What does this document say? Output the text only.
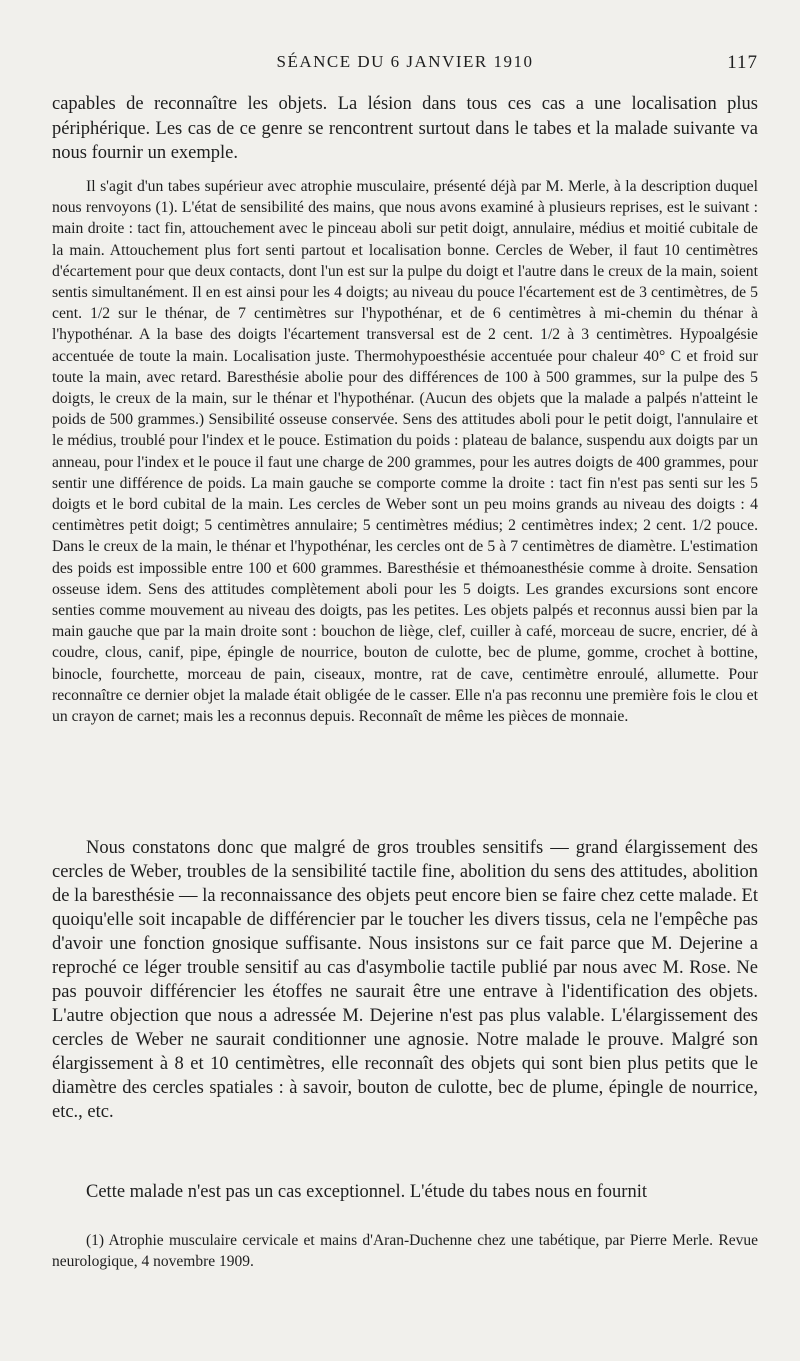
SÉANCE DU 6 JANVIER 1910	117

capables de reconnaître les objets. La lésion dans tous ces cas a une localisation plus périphérique. Les cas de ce genre se rencontrent surtout dans le tabes et la malade suivante va nous fournir un exemple.

Il s'agit d'un tabes supérieur avec atrophie musculaire, présenté déjà par M. Merle, à la description duquel nous renvoyons (1). L'état de sensibilité des mains, que nous avons examiné à plusieurs reprises, est le suivant : main droite : tact fin, attouchement avec le pinceau aboli sur petit doigt, annulaire, médius et moitié cubitale de la main. Attouchement plus fort senti partout et localisation bonne. Cercles de Weber, il faut 10 centimètres d'écartement pour que deux contacts, dont l'un est sur la pulpe du doigt et l'autre dans le creux de la main, soient sentis simultanément. Il en est ainsi pour les 4 doigts; au niveau du pouce l'écartement est de 3 centimètres, de 5 cent. 1/2 sur le thénar, de 7 centimètres sur l'hypothénar, et de 6 centimètres à mi-chemin du thénar à l'hypothénar. A la base des doigts l'écartement transversal est de 2 cent. 1/2 à 3 centimètres. Hypoalgésie accentuée de toute la main. Localisation juste. Thermohypoesthésie accentuée pour chaleur 40° C et froid sur toute la main, avec retard. Baresthésie abolie pour des différences de 100 à 500 grammes, sur la pulpe des 5 doigts, le creux de la main, sur le thénar et l'hypothénar. (Aucun des objets que la malade a palpés n'atteint le poids de 500 grammes.) Sensibilité osseuse conservée. Sens des attitudes aboli pour le petit doigt, l'annulaire et le médius, troublé pour l'index et le pouce. Estimation du poids : plateau de balance, suspendu aux doigts par un anneau, pour l'index et le pouce il faut une charge de 200 grammes, pour les autres doigts de 400 grammes, pour sentir une différence de poids. La main gauche se comporte comme la droite : tact fin n'est pas senti sur les 5 doigts et le bord cubital de la main. Les cercles de Weber sont un peu moins grands au niveau des doigts : 4 centimètres petit doigt; 5 centimètres annulaire; 5 centimètres médius; 2 centimètres index; 2 cent. 1/2 pouce. Dans le creux de la main, le thénar et l'hypothénar, les cercles ont de 5 à 7 centimètres de diamètre. L'estimation des poids est impossible entre 100 et 600 grammes. Baresthésie et thémoanesthésie comme à droite. Sensation osseuse idem. Sens des attitudes complètement aboli pour les 5 doigts. Les grandes excursions sont encore senties comme mouvement au niveau des doigts, pas les petites. Les objets palpés et reconnus aussi bien par la main gauche que par la main droite sont : bouchon de liège, clef, cuiller à café, morceau de sucre, encrier, dé à coudre, clous, canif, pipe, épingle de nourrice, bouton de culotte, bec de plume, gomme, crochet à bottine, binocle, fourchette, morceau de pain, ciseaux, montre, rat de cave, centimètre enroulé, allumette. Pour reconnaître ce dernier objet la malade était obligée de le casser. Elle n'a pas reconnu une première fois le clou et un crayon de carnet; mais les a reconnus depuis. Reconnaît de même les pièces de monnaie.

Nous constatons donc que malgré de gros troubles sensitifs — grand élargissement des cercles de Weber, troubles de la sensibilité tactile fine, abolition du sens des attitudes, abolition de la baresthésie — la reconnaissance des objets peut encore bien se faire chez cette malade. Et quoiqu'elle soit incapable de différencier par le toucher les divers tissus, cela ne l'empêche pas d'avoir une fonction gnosique suffisante. Nous insistons sur ce fait parce que M. Dejerine a reproché ce léger trouble sensitif au cas d'asymbolie tactile publié par nous avec M. Rose. Ne pas pouvoir différencier les étoffes ne saurait être une entrave à l'identification des objets. L'autre objection que nous a adressée M. Dejerine n'est pas plus valable. L'élargissement des cercles de Weber ne saurait conditionner une agnosie. Notre malade le prouve. Malgré son élargissement à 8 et 10 centimètres, elle reconnaît des objets qui sont bien plus petits que le diamètre des cercles spatiales : à savoir, bouton de culotte, bec de plume, épingle de nourrice, etc., etc.

Cette malade n'est pas un cas exceptionnel. L'étude du tabes nous en fournit

(1) Atrophie musculaire cervicale et mains d'Aran-Duchenne chez une tabétique, par Pierre Merle. Revue neurologique, 4 novembre 1909.
